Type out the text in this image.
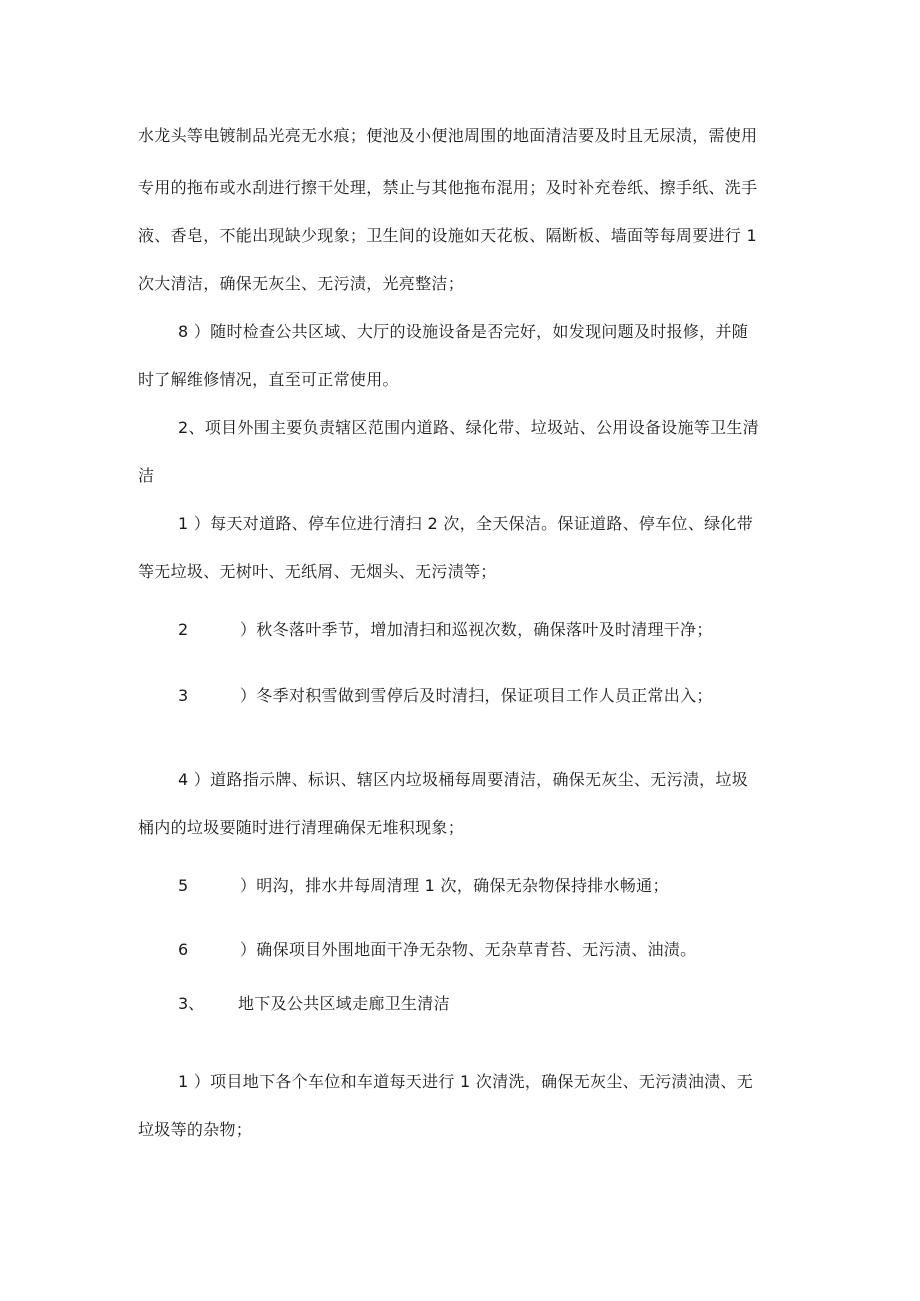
水龙头等电镀制品光亮无水痕；便池及小便池周围的地面清洁要及时且无尿渍，需使用
专用的拖布或水刮进行擦干处理，禁止与其他拖布混用；及时补充卷纸、擦手纸、洗手
液、香皂，不能出现缺少现象；卫生间的设施如天花板、隔断板、墙面等每周要进行 1
次大清洁，确保无灰尘、无污渍，光亮整洁；
8 ）随时检查公共区域、大厅的设施设备是否完好，如发现问题及时报修，并随
时了解维修情况，直至可正常使用。
2、项目外围主要负责辖区范围内道路、绿化带、垃圾站、公用设备设施等卫生清
洁
1 ）每天对道路、停车位进行清扫 2 次，全天保洁。保证道路、停车位、绿化带
等无垃圾、无树叶、无纸屑、无烟头、无污渍等；
2	）秋冬落叶季节，增加清扫和巡视次数，确保落叶及时清理干净；
3	）冬季对积雪做到雪停后及时清扫，保证项目工作人员正常出入；
4 ）道路指示牌、标识、辖区内垃圾桶每周要清洁，确保无灰尘、无污渍，垃圾
桶内的垃圾要随时进行清理确保无堆积现象；
5	）明沟，排水井每周清理 1 次，确保无杂物保持排水畅通；
6	）确保项目外围地面干净无杂物、无杂草青苔、无污渍、油渍。
3、 地下及公共区域走廊卫生清洁
1 ）项目地下各个车位和车道每天进行 1 次清洗，确保无灰尘、无污渍油渍、无
垃圾等的杂物；
